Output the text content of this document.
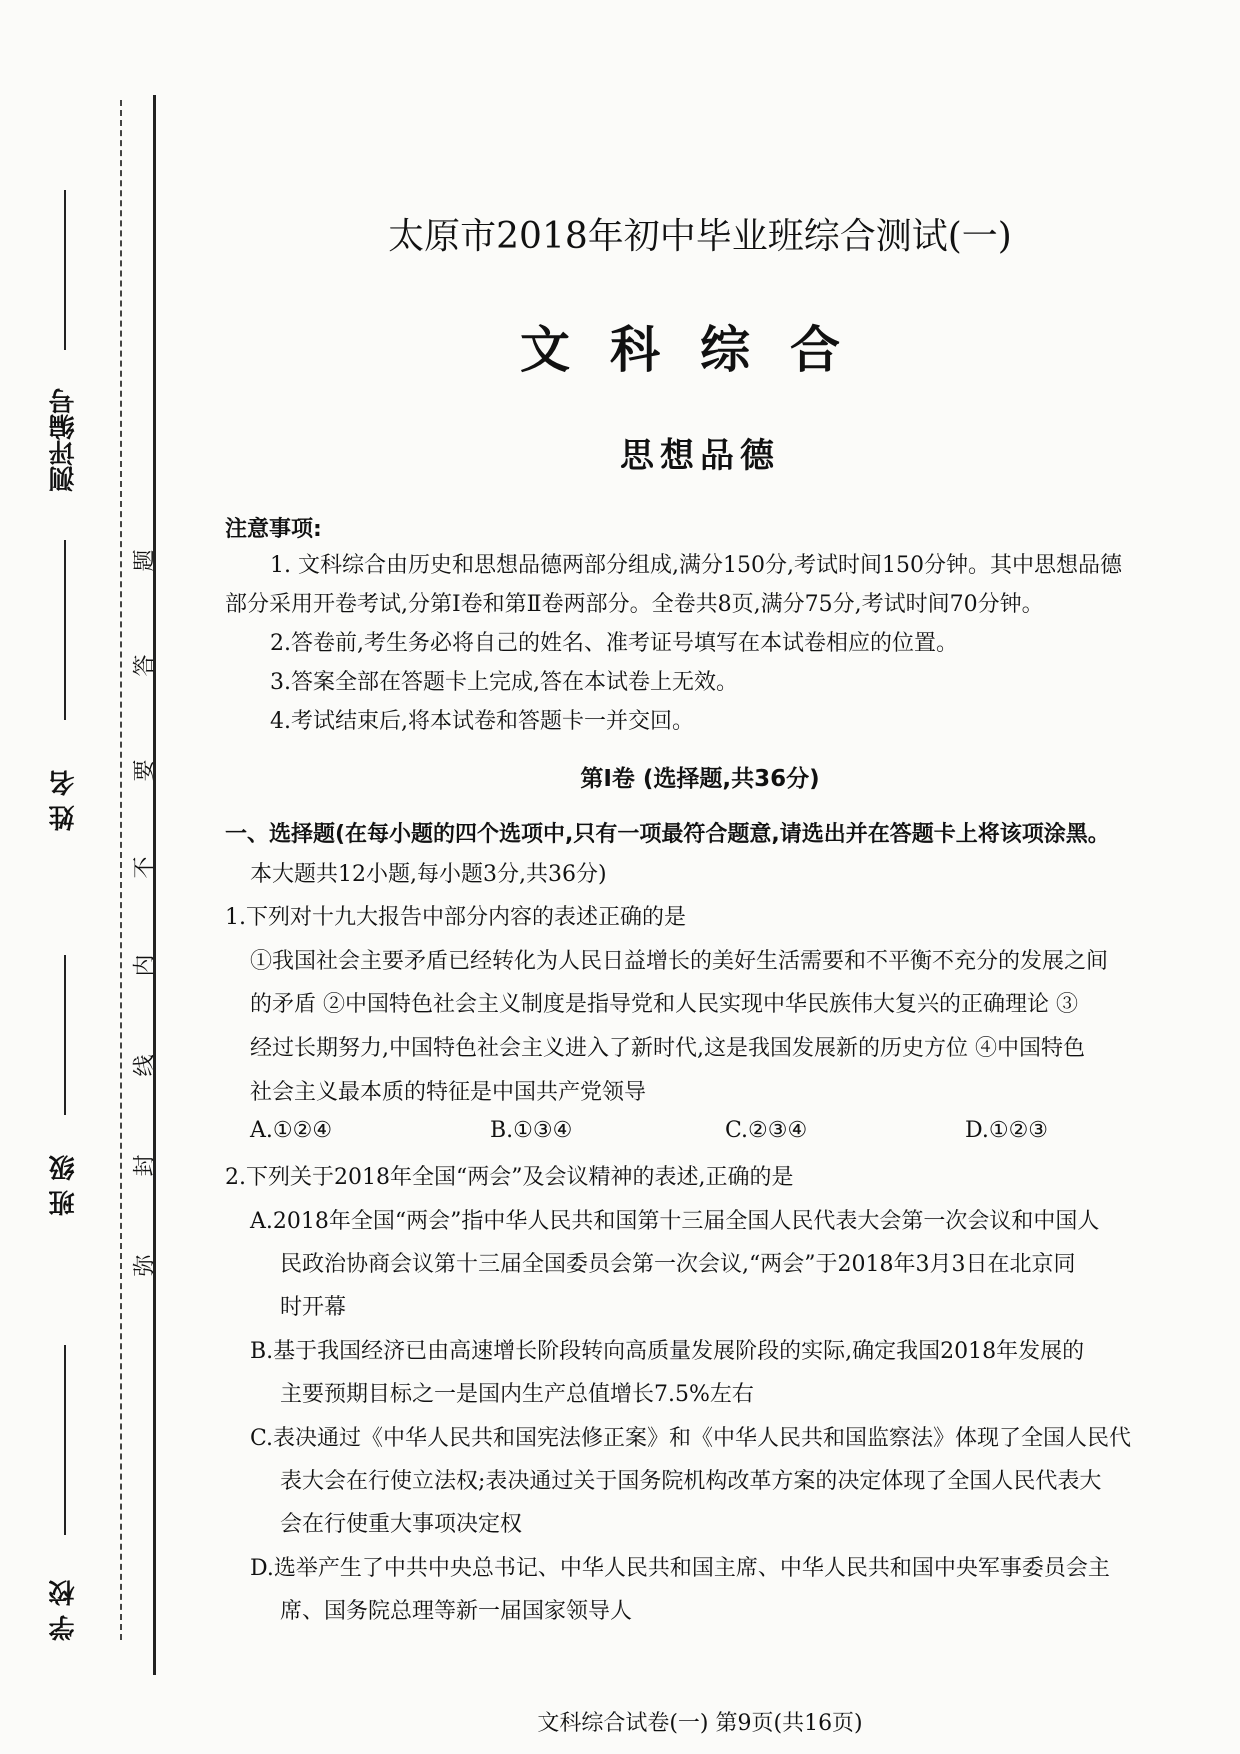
测评编号
姓 名
班 级
学 校
题
答
要
不
内
线
封
弥
太原市2018年初中毕业班综合测试(一)
文科综合
思想品德
注意事项:
1. 文科综合由历史和思想品德两部分组成,满分150分,考试时间150分钟。其中思想品德
部分采用开卷考试,分第Ⅰ卷和第Ⅱ卷两部分。全卷共8页,满分75分,考试时间70分钟。
2.答卷前,考生务必将自己的姓名、准考证号填写在本试卷相应的位置。
3.答案全部在答题卡上完成,答在本试卷上无效。
4.考试结束后,将本试卷和答题卡一并交回。
第Ⅰ卷 (选择题,共36分)
一、选择题(在每小题的四个选项中,只有一项最符合题意,请选出并在答题卡上将该项涂黑。
本大题共12小题,每小题3分,共36分)
1.下列对十九大报告中部分内容的表述正确的是
①我国社会主要矛盾已经转化为人民日益增长的美好生活需要和不平衡不充分的发展之间
的矛盾 ②中国特色社会主义制度是指导党和人民实现中华民族伟大复兴的正确理论 ③
经过长期努力,中国特色社会主义进入了新时代,这是我国发展新的历史方位 ④中国特色
社会主义最本质的特征是中国共产党领导
A.①②④	B.①③④	C.②③④	D.①②③
2.下列关于2018年全国“两会”及会议精神的表述,正确的是
A.2018年全国“两会”指中华人民共和国第十三届全国人民代表大会第一次会议和中国人
民政治协商会议第十三届全国委员会第一次会议,“两会”于2018年3月3日在北京同
时开幕
B.基于我国经济已由高速增长阶段转向高质量发展阶段的实际,确定我国2018年发展的
主要预期目标之一是国内生产总值增长7.5%左右
C.表决通过《中华人民共和国宪法修正案》和《中华人民共和国监察法》体现了全国人民代
表大会在行使立法权;表决通过关于国务院机构改革方案的决定体现了全国人民代表大
会在行使重大事项决定权
D.选举产生了中共中央总书记、中华人民共和国主席、中华人民共和国中央军事委员会主
席、国务院总理等新一届国家领导人
文科综合试卷(一) 第9页(共16页)
